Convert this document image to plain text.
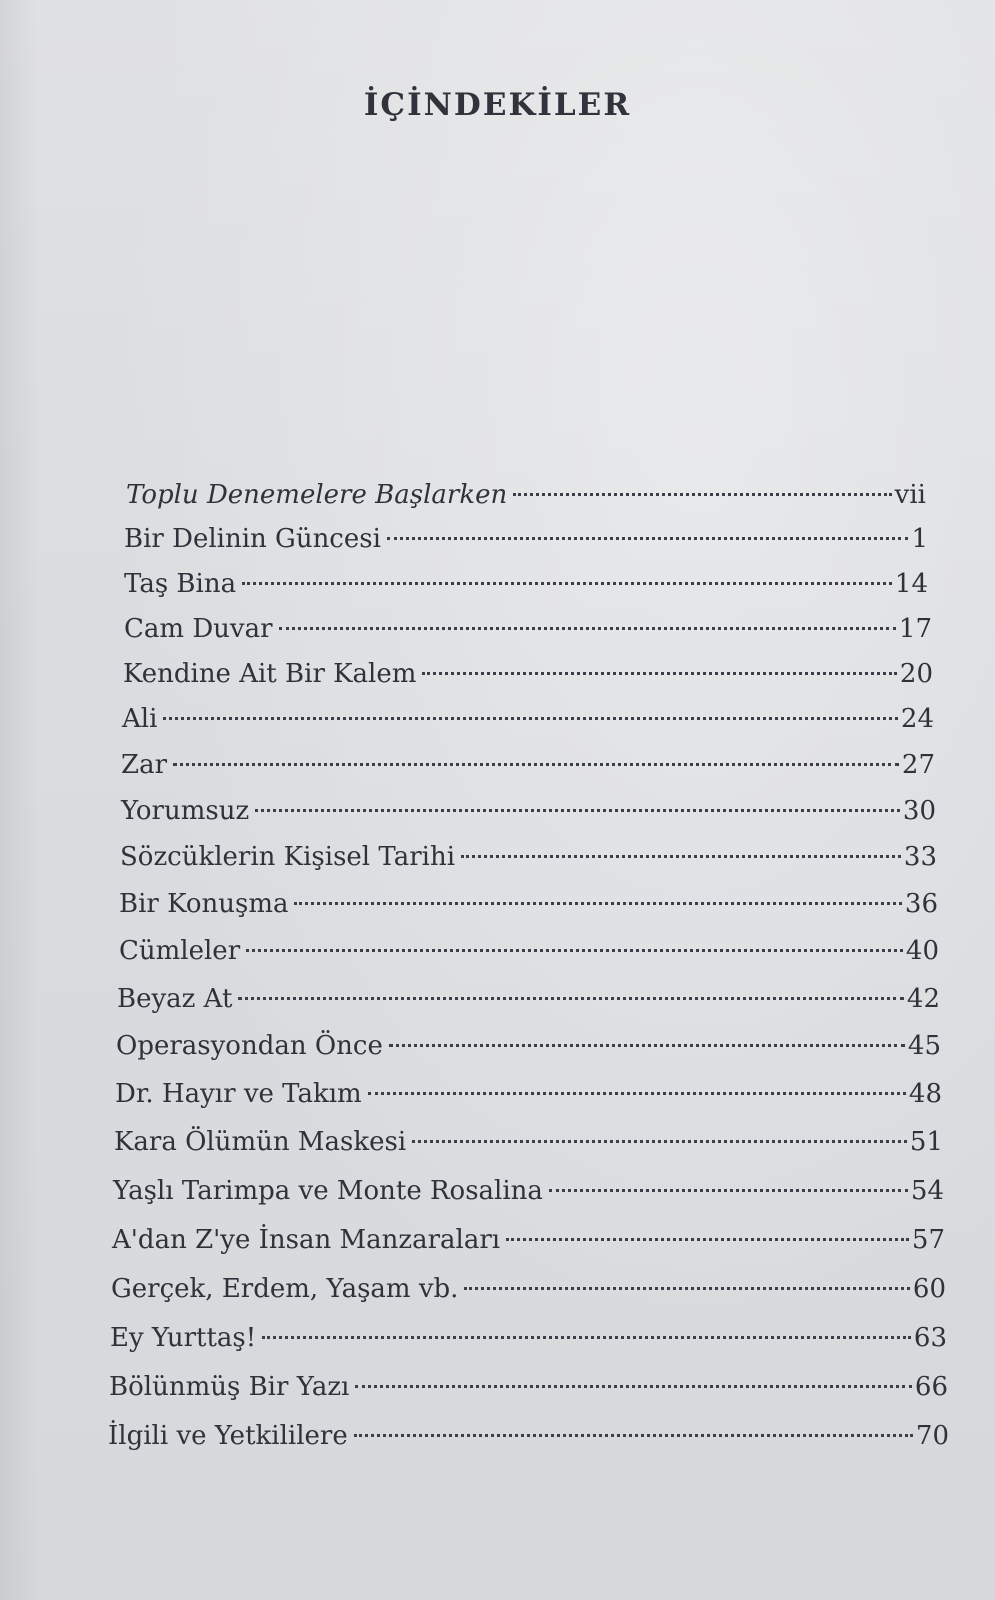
İÇİNDEKİLER
Toplu Denemelere Başlarken	vii
Bir Delinin Güncesi	1
Taş Bina	14
Cam Duvar	17
Kendine Ait Bir Kalem	20
Ali	24
Zar	27
Yorumsuz	30
Sözcüklerin Kişisel Tarihi	33
Bir Konuşma	36
Cümleler	40
Beyaz At	42
Operasyondan Önce	45
Dr. Hayır ve Takım	48
Kara Ölümün Maskesi	51
Yaşlı Tarimpa ve Monte Rosalina	54
A'dan Z'ye İnsan Manzaraları	57
Gerçek, Erdem, Yaşam vb.	60
Ey Yurttaş!	63
Bölünmüş Bir Yazı	66
İlgili ve Yetkililere	70
